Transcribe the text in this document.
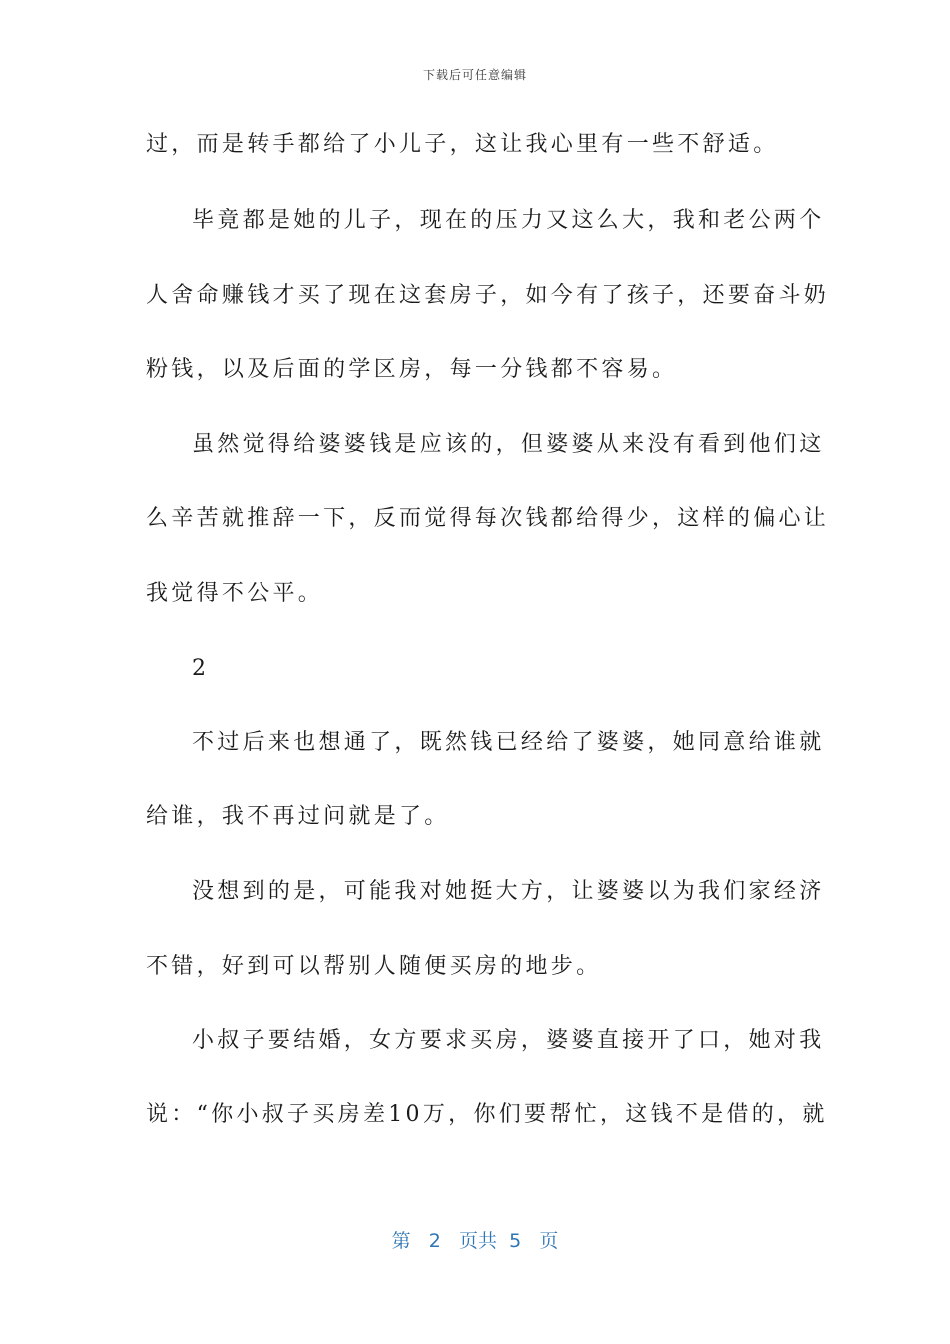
下载后可任意编辑
过，而是转手都给了小儿子，这让我心里有一些不舒适。
毕竟都是她的儿子，现在的压力又这么大，我和老公两个
人舍命赚钱才买了现在这套房子，如今有了孩子，还要奋斗奶
粉钱，以及后面的学区房，每一分钱都不容易。
虽然觉得给婆婆钱是应该的，但婆婆从来没有看到他们这
么辛苦就推辞一下，反而觉得每次钱都给得少，这样的偏心让
我觉得不公平。
2
不过后来也想通了，既然钱已经给了婆婆，她同意给谁就
给谁，我不再过问就是了。
没想到的是，可能我对她挺大方，让婆婆以为我们家经济
不错，好到可以帮别人随便买房的地步。
小叔子要结婚，女方要求买房，婆婆直接开了口，她对我
说：“你小叔子买房差10万，你们要帮忙，这钱不是借的，就
第 2 页共 5 页
